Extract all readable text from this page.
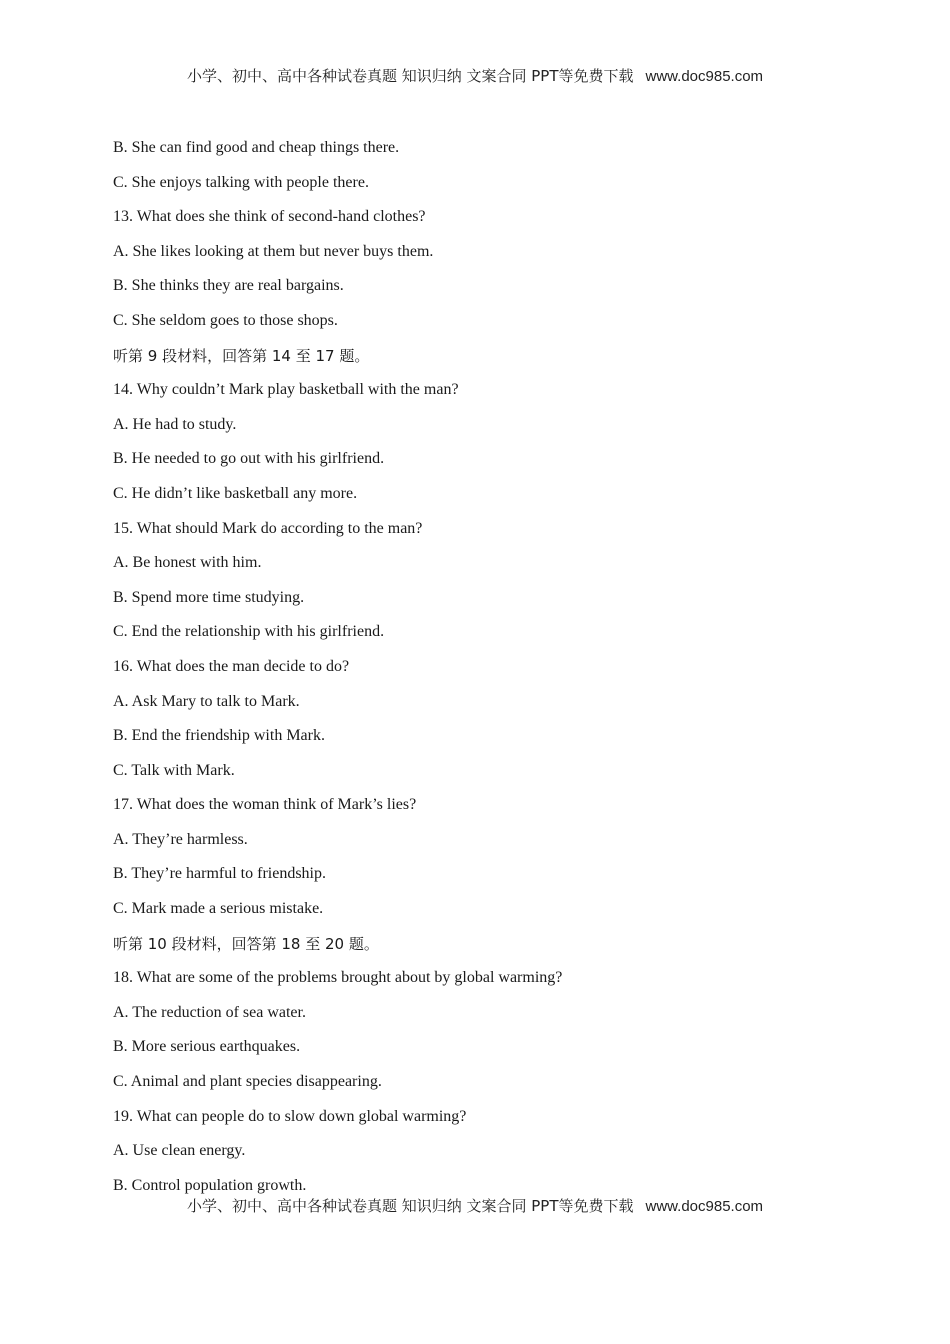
小学、初中、高中各种试卷真题 知识归纳 文案合同 PPT等免费下载 www.doc985.com
B. She can find good and cheap things there.
C. She enjoys talking with people there.
13. What does she think of second-hand clothes?
A. She likes looking at them but never buys them.
B. She thinks they are real bargains.
C. She seldom goes to those shops.
听第 9 段材料，回答第 14 至 17 题。
14. Why couldn’t Mark play basketball with the man?
A. He had to study.
B. He needed to go out with his girlfriend.
C. He didn’t like basketball any more.
15. What should Mark do according to the man?
A. Be honest with him.
B. Spend more time studying.
C. End the relationship with his girlfriend.
16. What does the man decide to do?
A. Ask Mary to talk to Mark.
B. End the friendship with Mark.
C. Talk with Mark.
17. What does the woman think of Mark’s lies?
A. They’re harmless.
B. They’re harmful to friendship.
C. Mark made a serious mistake.
听第 10 段材料，回答第 18 至 20 题。
18. What are some of the problems brought about by global warming?
A. The reduction of sea water.
B. More serious earthquakes.
C. Animal and plant species disappearing.
19. What can people do to slow down global warming?
A. Use clean energy.
B. Control population growth.
小学、初中、高中各种试卷真题 知识归纳 文案合同 PPT等免费下载 www.doc985.com
